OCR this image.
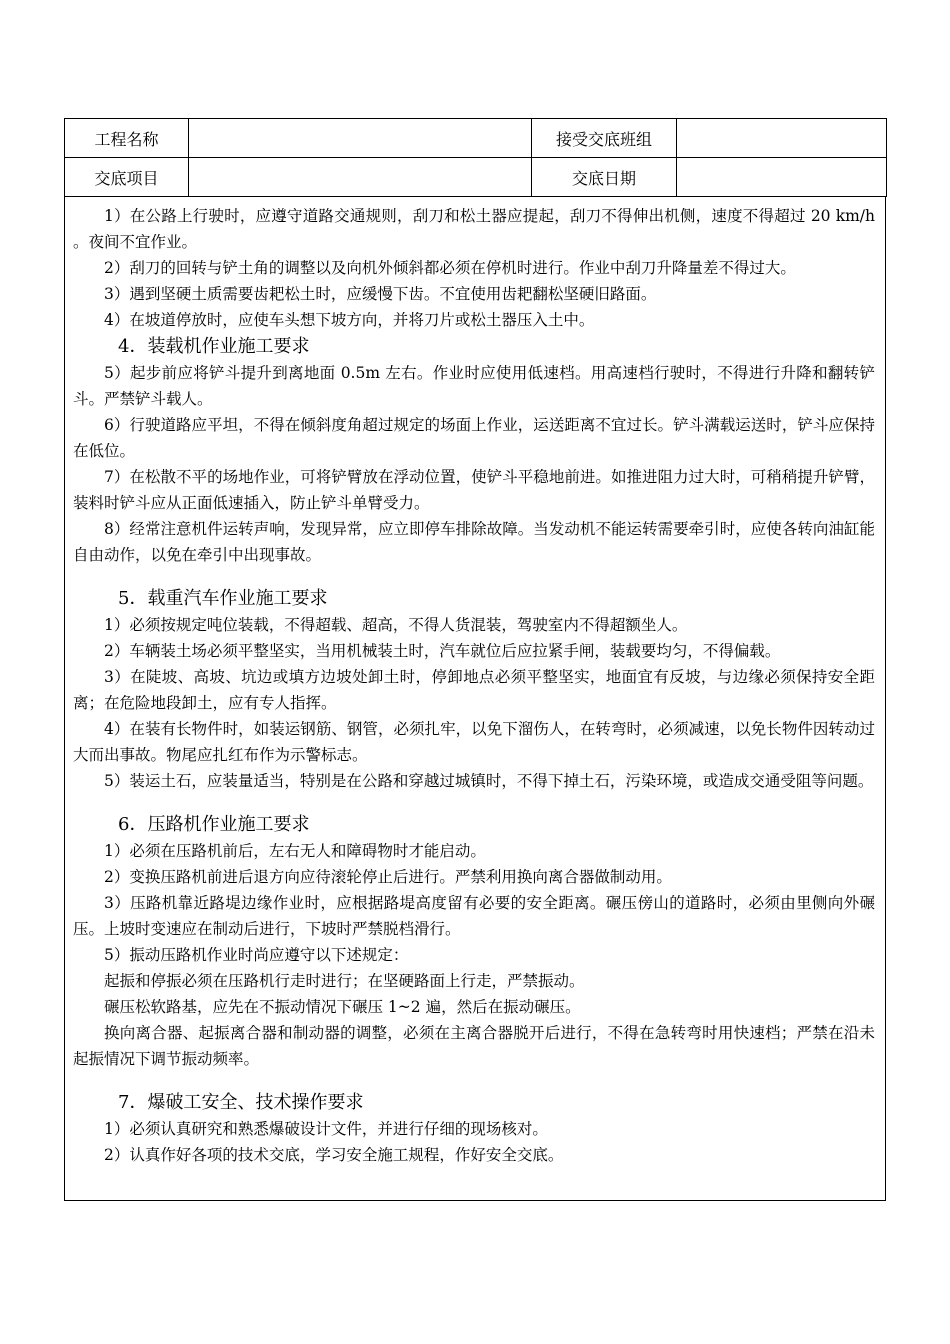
工程名称		接受交底班组	
交底项目		交底日期	

1）在公路上行驶时，应遵守道路交通规则，刮刀和松土器应提起，刮刀不得伸出机侧，速度不得超过 20 km/h 。夜间不宜作业。

2）刮刀的回转与铲土角的调整以及向机外倾斜都必须在停机时进行。作业中刮刀升降量差不得过大。

3）遇到坚硬土质需要齿耙松土时，应缓慢下齿。不宜使用齿耙翻松坚硬旧路面。

4）在坡道停放时，应使车头想下坡方向，并将刀片或松土器压入土中。

4．装载机作业施工要求

5）起步前应将铲斗提升到离地面 0.5m 左右。作业时应使用低速档。用高速档行驶时，不得进行升降和翻转铲斗。严禁铲斗载人。

6）行驶道路应平坦，不得在倾斜度角超过规定的场面上作业，运送距离不宜过长。铲斗满载运送时，铲斗应保持在低位。

7）在松散不平的场地作业，可将铲臂放在浮动位置，使铲斗平稳地前进。如推进阻力过大时，可稍稍提升铲臂，装料时铲斗应从正面低速插入，防止铲斗单臂受力。

8）经常注意机件运转声响，发现异常，应立即停车排除故障。当发动机不能运转需要牵引时，应使各转向油缸能自由动作，以免在牵引中出现事故。

5．载重汽车作业施工要求

1）必须按规定吨位装载，不得超载、超高，不得人货混装，驾驶室内不得超额坐人。

2）车辆装土场必须平整坚实，当用机械装土时，汽车就位后应拉紧手闸，装载要均匀，不得偏载。

3）在陡坡、高坡、坑边或填方边坡处卸土时，停卸地点必须平整坚实，地面宜有反坡，与边缘必须保持安全距离；在危险地段卸土，应有专人指挥。

4）在装有长物件时，如装运钢筋、钢管，必须扎牢，以免下溜伤人，在转弯时，必须减速，以免长物件因转动过大而出事故。物尾应扎红布作为示警标志。

5）装运土石，应装量适当，特别是在公路和穿越过城镇时，不得下掉土石，污染环境，或造成交通受阻等问题。

6．压路机作业施工要求

1）必须在压路机前后，左右无人和障碍物时才能启动。

2）变换压路机前进后退方向应待滚轮停止后进行。严禁利用换向离合器做制动用。

3）压路机靠近路堤边缘作业时，应根据路堤高度留有必要的安全距离。碾压傍山的道路时，必须由里侧向外碾压。上坡时变速应在制动后进行，下坡时严禁脱档滑行。

5）振动压路机作业时尚应遵守以下述规定：

起振和停振必须在压路机行走时进行；在坚硬路面上行走，严禁振动。

碾压松软路基，应先在不振动情况下碾压 1~2 遍，然后在振动碾压。

换向离合器、起振离合器和制动器的调整，必须在主离合器脱开后进行，不得在急转弯时用快速档；严禁在沿未起振情况下调节振动频率。

7．爆破工安全、技术操作要求

1）必须认真研究和熟悉爆破设计文件，并进行仔细的现场核对。

2）认真作好各项的技术交底，学习安全施工规程，作好安全交底。
